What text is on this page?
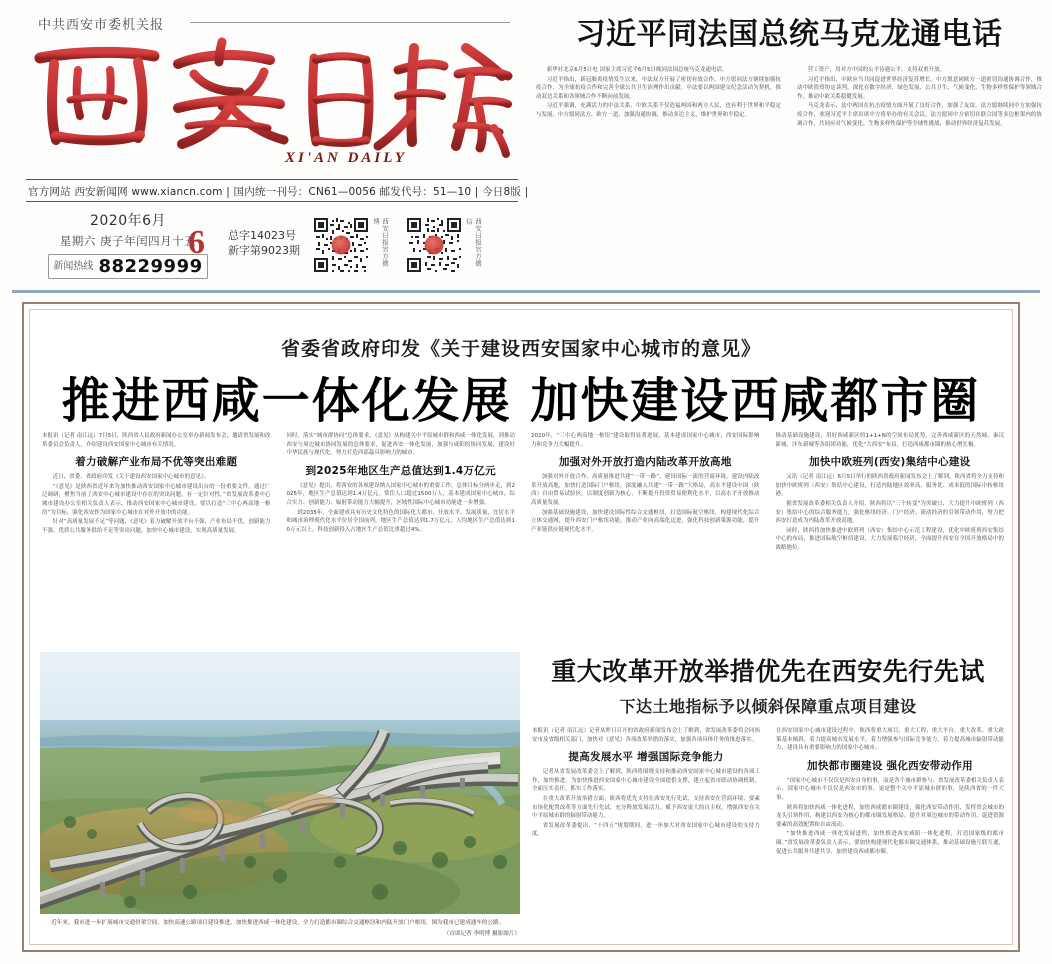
中共西安市委机关报
XI'AN DAILY
官方网站 西安新闻网 www.xiancn.com | 国内统一刊号：CN61—0056 邮发代号：51—10 | 今日8版 |
2020年6月
星期六 庚子年闰四月十五
新闻热线 88229999
6 总字14023号
新字第9023期	西安日报官方微博	西安日报官方微信
习近平同法国总统马克龙通电话

新华社北京6月5日电 国家主席习近平6月5日晚同法国总统马克龙通电话。

习近平指出，新冠肺炎疫情发生以来，中法双方开展了密切有效合作。中方愿同法方继续加强抗疫合作，为全球抗疫合作和完善全球公共卫生治理作出贡献。中法要以两国建交纪念活动为契机，推动双边关系和各领域合作不断向前发展。

习近平强调，充满活力的中法关系、中欧关系不仅造福两国和两方人民，也有利于世界和平稳定与发展。中方愿同法方、欧方一道，加强沟通协调，推动多边主义，维护世界和平稳定。

营工资产，用对方中国的公平待遇公平，支持双重开放。

习近平指出，中欧应当共同促进世界经济复苏增长。中方愿意同欧方一道密切沟通协调合作，推动中欧投资协定谈判，深化在数字经济、绿色发展、公共卫生、气候变化、生物多样性保护等领域合作，推动中欧关系稳健发展。

马克龙表示，法中两国在抗击疫情方面开展了良好合作，加强了友谊。法方愿继续同中方加强抗疫合作，欢迎习近平主席出席中方将举办的有关会议。法方愿同中方密切在联合国等多边框架内的协调合作，共同应对气候变化、生物多样性保护等全球性挑战，推动世界经济复苏发展。

省委省政府印发《关于建设西安国家中心城市的意见》
推进西咸一体化发展 加快建设西咸都市圈
本报讯（记者 南江远）7月5日，陕西省人民政府新闻办公室举办新闻发布会，邀请省发展和改革委员会负责人，介绍建设西安国家中心城市有关情况。
着力破解产业布局不优等突出难题

近日，省委、省政府印发《关于建设西安国家中心城市的意见》。

“《意见》是陕西省近年来为加快推动西安国家中心城市建设出台的一份重要文件，通过广泛调研，聚焦当前了西安中心城市建设中存在的突出问题，有一定针对性。”省发展改革委中心城市建设办公室相关负责人表示，推动西安国家中心城市建设，要以打造“三中心两高地一枢纽”为目标，强化西安作为国家中心城市在对外开放中的功能。

针对“高质量发展不足”等问题，《意见》着力破解开放平台不强、产业布局不优、创新能力不强、优质公共服务供给不足等突出问题，加快中心城市建设，实现高质量发展。

同时，落实“城市群协同”总体要求，《意见》从构建关中平原城市群和西咸一体化发展，到推动西安与周边城市协同发展的总体要求，促进西安一体化发展，加强与咸阳的协同发展，建设好中华民族与现代化，努力打造西部最具影响力的城市。
到2025年地区生产总值达到1.4万亿元

《意见》提出，将西安的各项建设纳入国家中心城市的重要工作，总体目标分两步走，到2025年，地区生产总值达到1.4万亿元，常住人口超过1500万人，基本建成国家中心城市，综合实力、创新能力、辐射带动能力大幅提升，区域性国际中心城市功能进一步增强。

到2035年，全面建成具有历史文化特色的国际化大都市，开放水平、发展质量、宜居水平和城市治理现代化水平位居全国前列，地区生产总值达到1.7万亿元，人均地区生产总值达到10万元以上，科技创新投入占地区生产总值比重超过4%。

2020年，“三中心两高地一枢纽”建设取得显著进展，基本建成国家中心城市，西安国际影响力和竞争力大幅提升。
加强对外开放打造内陆改革开放高地

加强对外开放合作，高质量推进共建“一带一路”，建设国际一流的营商环境，建设内陆改革开放高地，加快打造国际门户枢纽。深度融入共建“一带一路”大格局，高水平建设中国（陕西）自由贸易试验区，以制度创新为核心，不断提升投资贸易便利化水平，以高水平开放推动高质量发展。

加强基础设施建设，加快建设国际性综合交通枢纽，打造国际航空枢纽，构建现代化综合立体交通网，提升西安门户枢纽功能。推动产业向高端化迈进，强化科技创新策源功能，提升产业链供应链现代化水平。

推动基础设施建设，用好西咸新区的1+1+N的空间布局优势，完善西咸新区的天然城、秦汉新城、沣东新城等各组团功能，优化“大西安”布局，打造西咸都市圈的核心增长极。
加快中欧班列(西安)集结中心建设

又讯（记者 南江远）6月5日举行的陕西省政府新闻发布会上了解到，陕西省将全力支持和加快中欧班列（西安）集结中心建设，打造内陆地区效率高、服务优、成本低的国际中转枢纽港。

据省发展改革委相关负责人介绍，陕西将以“三个转变”为突破口，大力提升中欧班列（西安）集结中心的综合服务能力，强化枢纽经济、门户经济、流动经济的引领带动作用，努力把西安打造成为内陆改革开放高地。

同时，陕西将加快推进中欧班列（西安）集结中心示范工程建设，优化中欧班列西安集结中心的布局，推进国际航空枢纽建设，大力发展临空经济，全面提升西安在全国开放格局中的战略地位。

近年来，我市进一步扩展城市交通骨架空间，加快高速公路项目建设推进，加快推进西咸一体化建设，全力打造都市圈综合交通枢纽和内陆开放门户枢纽，图为我市已建成通车的公路。
（首席记者 李明博 摄影图片）
重大改革开放举措优先在西安先行先试
下达土地指标予以倾斜保障重点项目建设
本报讯（记者 南江远）记者从昨日召开的省政府新闻发布会上了解到，省发展改革委将会同西安市及省级相关部门，加快对《意见》各项改革举措的落实，加强各项具体任务的推进落实。
提高发展水平 增强国际竞争能力

记者从省发展改革委会上了解到，陕西将围绕支持和推动西安国家中心城市建设的各项工作，加快推进，为加快推进西安国家中心城市建设全面提供支撑，建立起省市联动协调机制，全面压实责任，抓实工作落实。

在重大改革开放举措方面，陕西将优先支持在西安先行先试，支持西安在营商环境、要素市场化配置改革等方面先行先试，充分释放发展活力，赋予西安更大的自主权，增强西安在关中平原城市群的辐射带动能力。

省发展改革委提出，“十四五”规划期间，进一步加大对西安国家中心城市建设的支持力度。

在西安国家中心城市建设过程中，陕西将重大项目、重大工程、重大平台、重大改革、重大政策基本倾斜，着力提高城市发展水平，着力增强参与国际竞争能力，着力提高城市辐射带动能力，建设具有重要影响力的国家中心城市。
加快都市圈建设 强化西安带动作用

“国家中心城市不仅仅是西安自身的事，而是各个城市群参与、省发展改革委相关负责人表示，国家中心城市不仅仅是西安市的事，更是整个关中平原城市群的事，是陕西省的一件大事。

陕西将加快西咸一体化进程，加快西咸都市圈建设，强化西安带动作用，发挥省会城市的龙头引领作用，构建以西安为核心的都市圈发展格局，提升对周边城市的带动作用，促进资源要素的高效配置和自由流动。

“加快推进西咸一体化发展进程，加快推进西安咸阳一体化进程，打造国家级的都市圈。”省发展改革委负责人表示，要加快构建现代化都市圈交通体系，推动基础设施互联互通，促进公共服务共建共享，加快建设西咸都市圈。
